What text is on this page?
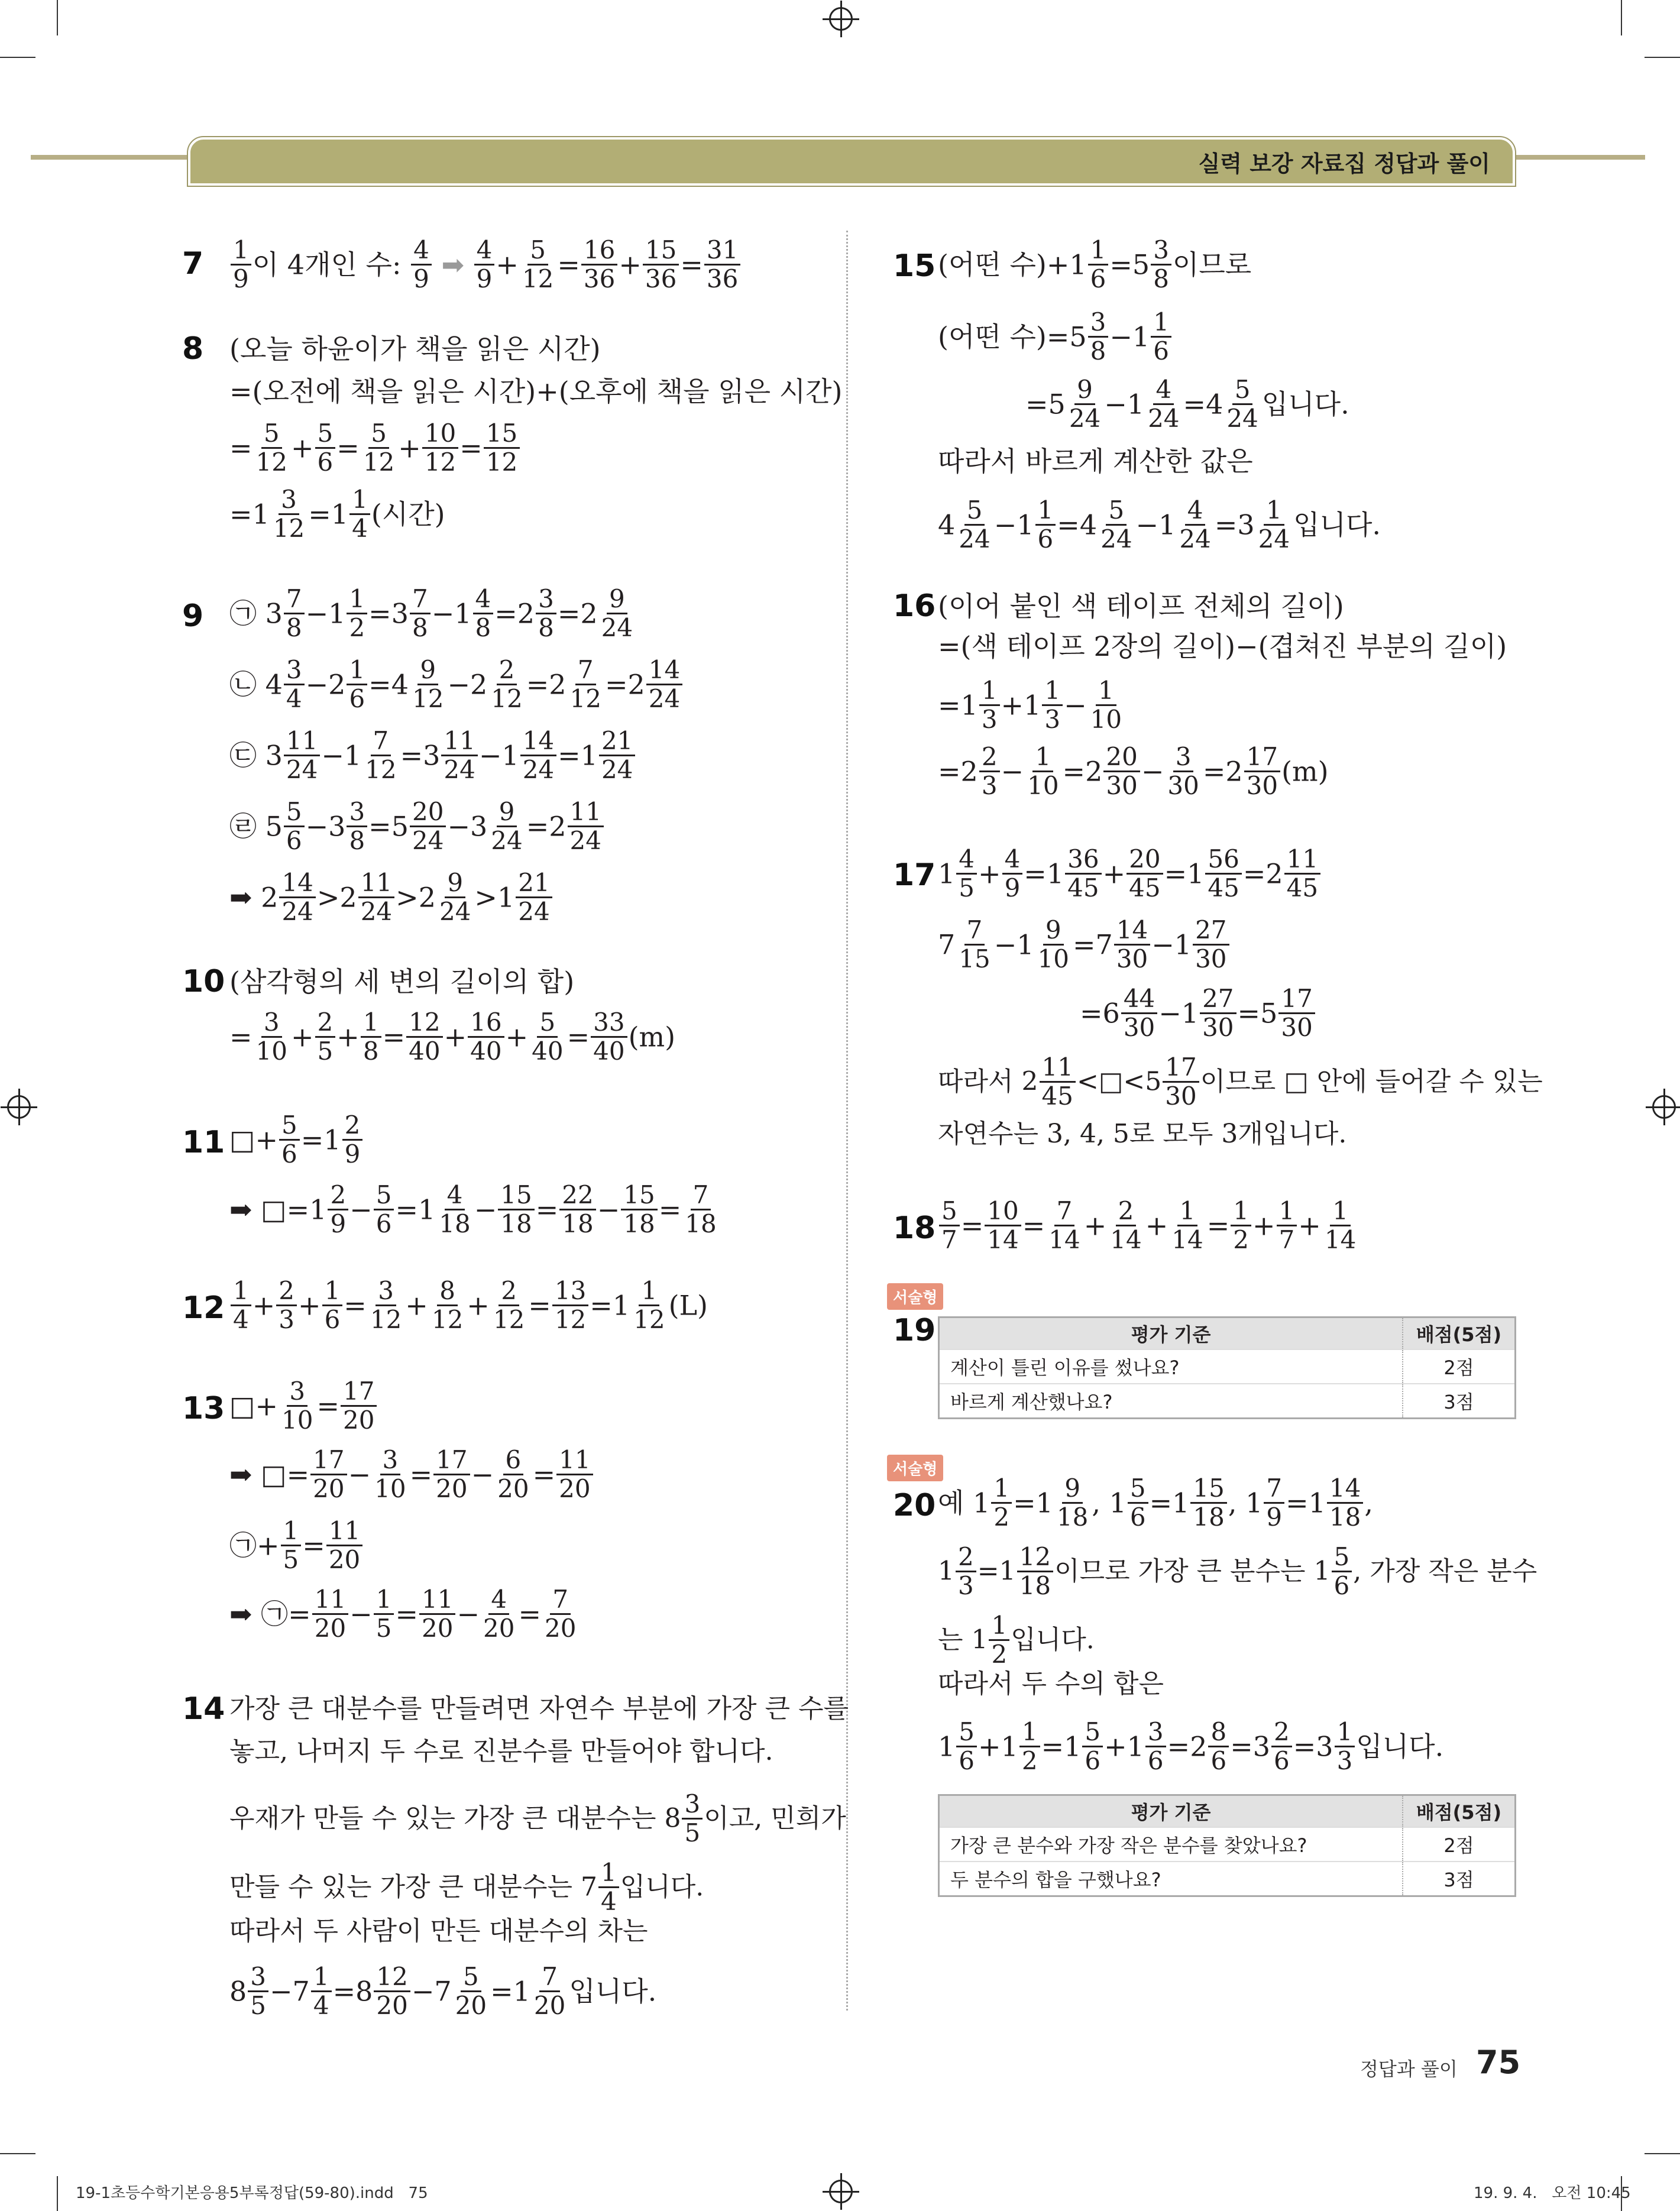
실력 보강 자료집 정답과 풀이
$7 \frac{1}{9}$ 이 4개인 수: $\frac{4}{9}$ ➡ $\frac{4}{9} + \frac{5}{12} = \frac{16}{36} + \frac{15}{36} = \frac{31}{36}$
8 (오늘 하윤이가 책을 읽은 시간)
=(오전에 책을 읽은 시간)+(오후에 책을 읽은 시간)
= $\frac{5}{12} + \frac{5}{6} = \frac{5}{12} + \frac{10}{12} = \frac{15}{12}$
$=1 \frac{3}{12} =1 \frac{1}{4}$ (시간)
9 ㉠ $3 \frac{7}{8} -1 \frac{1}{2} =3 \frac{7}{8} -1 \frac{4}{8} =2 \frac{3}{8} =2 \frac{9}{24}$
㉡ $4 \frac{3}{4} -2 \frac{1}{6} =4 \frac{9}{12} -2 \frac{2}{12} =2 \frac{7}{12} =2 \frac{14}{24}$
㉢ $3 \frac{11}{24} -1 \frac{7}{12} =3 \frac{11}{24} -1 \frac{14}{24} =1 \frac{21}{24}$
㉣ $5 \frac{5}{6} -3 \frac{3}{8} =5 \frac{20}{24} -3 \frac{9}{24} =2 \frac{11}{24}$
➡ $2 \frac{14}{24} >2 \frac{11}{24} >2 \frac{9}{24} >1 \frac{21}{24}$
10 (삼각형의 세 변의 길이의 합)
= $\frac{3}{10} + \frac{2}{5} + \frac{1}{8} = \frac{12}{40} + \frac{16}{40} + \frac{5}{40} = \frac{33}{40} (m)$
11 □+ $\frac{5}{6} =1 \frac{2}{9}$
➡ □=1 $\frac{2}{9} - \frac{5}{6} =1 \frac{4}{18} - \frac{15}{18} = \frac{22}{18} - \frac{15}{18} = \frac{7}{18}$
$12 \frac{1}{4} + \frac{2}{3} + \frac{1}{6} = \frac{3}{12} + \frac{8}{12} + \frac{2}{12} = \frac{13}{12} =1 \frac{1}{12} (L)$
13 □+ $\frac{3}{10} = \frac{17}{20}$
➡ □= $\frac{17}{20} - \frac{3}{10} = \frac{17}{20} - \frac{6}{20} = \frac{11}{20}$
㉠+ $\frac{1}{5} = \frac{11}{20}$
➡ ㉠= $\frac{11}{20} - \frac{1}{5} = \frac{11}{20} - \frac{4}{20} = \frac{7}{20}$
14 가장 큰 대분수를 만들려면 자연수 부분에 가장 큰 수를
놓고, 나머지 두 수로 진분수를 만들어야 합니다.
우재가 만들 수 있는 가장 큰 대분수는 $8 \frac{3}{5}$ 이고, 민희가
만들 수 있는 가장 큰 대분수는 $7 \frac{1}{4}$ 입니다.
따라서 두 사람이 만든 대분수의 차는
$8 \frac{3}{5} -7 \frac{1}{4} =8 \frac{12}{20} -7 \frac{5}{20} =1 \frac{7}{20}$ 입니다.
15 (어떤 수)$+1 \frac{1}{6} =5 \frac{3}{8}$ 이므로
(어떤 수)$=5 \frac{3}{8} -1 \frac{1}{6}$
$=5 \frac{9}{24} -1 \frac{4}{24} =4 \frac{5}{24}$ 입니다.
따라서 바르게 계산한 값은
$4 \frac{5}{24} -1 \frac{1}{6} =4 \frac{5}{24} -1 \frac{4}{24} =3 \frac{1}{24}$ 입니다.
16 (이어 붙인 색 테이프 전체의 길이)
=(색 테이프 2장의 길이)−(겹쳐진 부분의 길이)
$=1 \frac{1}{3} +1 \frac{1}{3} - \frac{1}{10}$
$=2 \frac{2}{3} - \frac{1}{10} =2 \frac{20}{30} - \frac{3}{30} =2 \frac{17}{30} (m)$
17 $1 \frac{4}{5} + \frac{4}{9} =1 \frac{36}{45} + \frac{20}{45} =1 \frac{56}{45} =2 \frac{11}{45}$
$7 \frac{7}{15} -1 \frac{9}{10} =7 \frac{14}{30} -1 \frac{27}{30}$
$=6 \frac{44}{30} -1 \frac{27}{30} =5 \frac{17}{30}$
따라서 $2 \frac{11}{45}$ <□<5 $\frac{17}{30}$ 이므로 □ 안에 들어갈 수 있는
자연수는 3, 4, 5로 모두 3개입니다.
$18 \frac{5}{7} = \frac{10}{14} = \frac{7}{14} + \frac{2}{14} + \frac{1}{14} = \frac{1}{2} + \frac{1}{7} + \frac{1}{14}$
서술형
19	평가 기준	배점(5점)
계산이 틀린 이유를 썼나요?	2점
바르게 계산했나요?	3점
서술형
20 예 $1 \frac{1}{2} =1 \frac{9}{18}$ , $1 \frac{5}{6} =1 \frac{15}{18}$ , $1 \frac{7}{9} =1 \frac{14}{18}$ ,
$1 \frac{2}{3} =1 \frac{12}{18}$ 이므로 가장 큰 분수는 $1 \frac{5}{6}$ , 가장 작은 분수
는 $1 \frac{1}{2}$ 입니다.
따라서 두 수의 합은
$1 \frac{5}{6} +1 \frac{1}{2} =1 \frac{5}{6} +1 \frac{3}{6} =2 \frac{8}{6} =3 \frac{2}{6} =3 \frac{1}{3}$ 입니다.
평가 기준	배점(5점)
가장 큰 분수와 가장 작은 분수를 찾았나요?	2점
두 분수의 합을 구했나요?	3점
정답과 풀이 75
19-1초등수학기본응용5부록정답(59-80).indd   75	19. 9. 4.   오전 10:45
